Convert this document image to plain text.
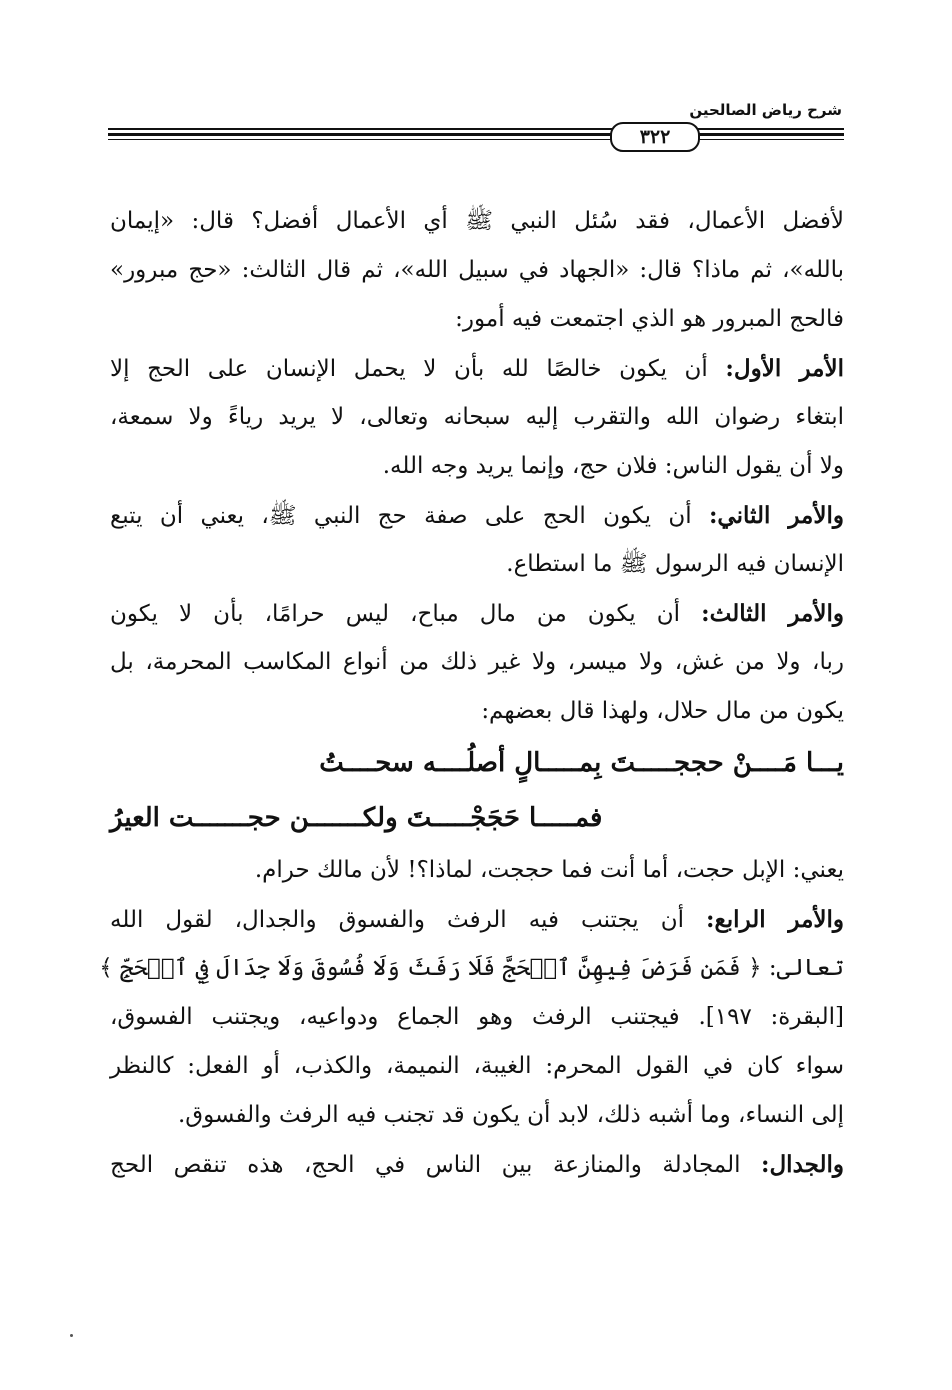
شرح رياض الصالحين
٣٢٢
لأفضل الأعمال، فقد سُئل النبي ﷺ أي الأعمال أفضل؟ قال: «إيمان
بالله»، ثم ماذا؟ قال: «الجهاد في سبيل الله»، ثم قال الثالث: «حج مبرور»
فالحج المبرور هو الذي اجتمعت فيه أمور:
الأمر الأول: أن يكون خالصًا لله بأن لا يحمل الإنسان على الحج إلا
ابتغاء رضوان الله والتقرب إليه سبحانه وتعالى، لا يريد رياءً ولا سمعة،
ولا أن يقول الناس: فلان حج، وإنما يريد وجه الله.
والأمر الثاني: أن يكون الحج على صفة حج النبي ﷺ، يعني أن يتبع
الإنسان فيه الرسول ﷺ ما استطاع.
والأمر الثالث: أن يكون من مال مباح، ليس حرامًا، بأن لا يكون
ربا، ولا من غش، ولا ميسر، ولا غير ذلك من أنواع المكاسب المحرمة، بل
يكون من مال حلال، ولهذا قال بعضهم:
يـــا مَــــنْ حججـــــتَ بِمـــــالٍ أصلُــــه سحــــتُ
فمـــــا حَجَجْـــــتَ ولكـــــــن حجـــــــت العيرُ
يعني: الإبل حجت، أما أنت فما حججت، لماذا؟! لأن مالك حرام.
والأمر الرابع: أن يجتنب فيه الرفث والفسوق والجدال، لقول الله
تعالى: ﴿ فَمَن فَرَضَ فِيهِنَّ ٱلۡحَجَّ فَلَا رَفَثَ وَلَا فُسُوقَ وَلَا جِدَالَ فِي ٱلۡحَجِّ ﴾
[البقرة: ١٩٧]. فيجتنب الرفث وهو الجماع ودواعيه، ويجتنب الفسوق،
سواء كان في القول المحرم: الغيبة، النميمة، والكذب، أو الفعل: كالنظر
إلى النساء، وما أشبه ذلك، لابد أن يكون قد تجنب فيه الرفث والفسوق.
والجدال: المجادلة والمنازعة بين الناس في الحج، هذه تنقص الحج
